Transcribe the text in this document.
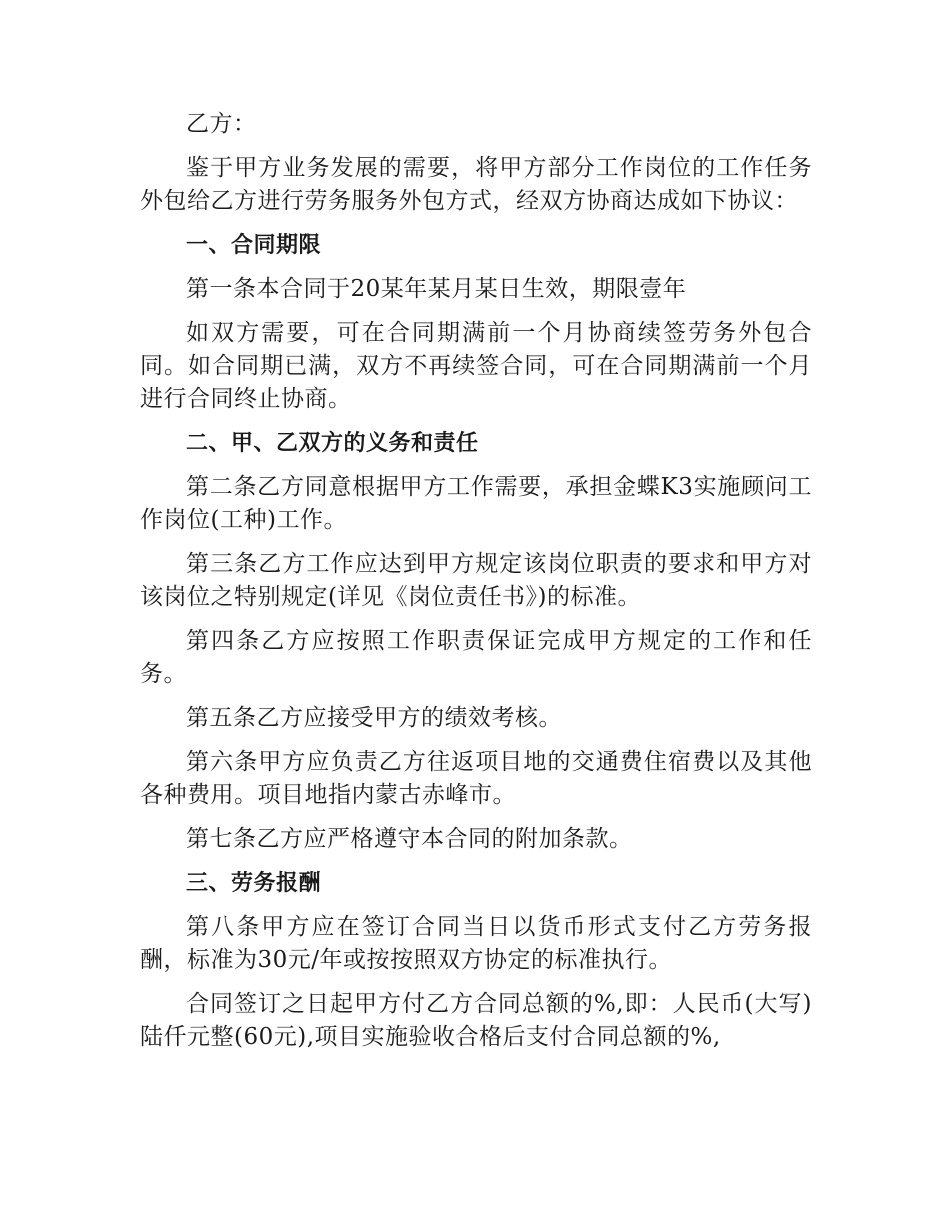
乙方：

鉴于甲方业务发展的需要，将甲方部分工作岗位的工作任务外包给乙方进行劳务服务外包方式，经双方协商达成如下协议：

一、合同期限

第一条本合同于20某年某月某日生效，期限壹年

如双方需要，可在合同期满前一个月协商续签劳务外包合同。如合同期已满，双方不再续签合同，可在合同期满前一个月进行合同终止协商。

二、甲、乙双方的义务和责任

第二条乙方同意根据甲方工作需要，承担金蝶K3实施顾问工作岗位(工种)工作。

第三条乙方工作应达到甲方规定该岗位职责的要求和甲方对该岗位之特别规定(详见《岗位责任书》)的标准。

第四条乙方应按照工作职责保证完成甲方规定的工作和任务。

第五条乙方应接受甲方的绩效考核。

第六条甲方应负责乙方往返项目地的交通费住宿费以及其他各种费用。项目地指内蒙古赤峰市。

第七条乙方应严格遵守本合同的附加条款。

三、劳务报酬

第八条甲方应在签订合同当日以货币形式支付乙方劳务报酬，标准为30元/年或按按照双方协定的标准执行。

合同签订之日起甲方付乙方合同总额的%,即：人民币(大写)陆仟元整(60元),项目实施验收合格后支付合同总额的%,
